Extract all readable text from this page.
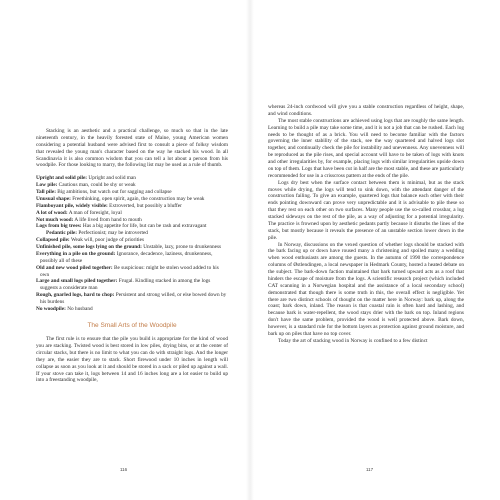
Stacking is an aesthetic and a practical challenge, so much so that in the late nineteenth century, in the heavily forested state of Maine, young American women considering a potential husband were advised first to consult a piece of folksy wisdom that revealed the young man's character based on the way he stacked his wood. In all Scandinavia it is also common wisdom that you can tell a lot about a person from his woodpile. For those looking to marry, the following list may be used as a rule of thumb.

Upright and solid pile: Upright and solid man
Low pile: Cautious man, could be shy or weak
Tall pile: Big ambitions, but watch out for sagging and collapse
Unusual shape: Freethinking, open spirit, again, the construction may be weak
Flamboyant pile, widely visible: Extroverted, but possibly a bluffer
A lot of wood: A man of foresight, loyal
Not much wood: A life lived from hand to mouth
Logs from big trees: Has a big appetite for life, but can be rash and extravagant
Pedantic pile: Perfectionist; may be introverted
Collapsed pile: Weak will, poor judge of priorities
Unfinished pile, some logs lying on the ground: Unstable, lazy, prone to drunkenness
Everything in a pile on the ground: Ignorance, decadence, laziness, drunkenness, possibly all of these
Old and new wood piled together: Be suspicious: might be stolen wood added to his own
Large and small logs piled together: Frugal. Kindling stacked in among the logs suggests a considerate man
Rough, gnarled logs, hard to chop: Persistent and strong willed, or else bowed down by his burdens
No woodpile: No husband
The Small Arts of the Woodpile

The first rule is to ensure that the pile you build is appropriate for the kind of wood you are stacking. Twisted wood is best stored in low piles, drying bins, or at the center of circular stacks, but there is no limit to what you can do with straight logs. And the longer they are, the easier they are to stack. Short firewood under 10 inches in length will collapse as soon as you look at it and should be stored in a sack or piled up against a wall. If your stove can take it, logs between 14 and 16 inches long are a lot easier to build up into a freestanding woodpile,

116

whereas 24-inch cordwood will give you a stable construction regardless of height, shape, and wind conditions.

The most stable constructions are achieved using logs that are roughly the same length. Learning to build a pile may take some time, and it is not a job that can be rushed. Each log needs to be thought of as a brick. You will need to become familiar with the factors governing the inner stability of the stack, see the way quartered and halved logs slot together, and continually check the pile for instability and unevenness. Any unevenness will be reproduced as the pile rises, and special account will have to be taken of logs with knots and other irregularities by, for example, placing logs with similar irregularities upside down on top of them. Logs that have been cut in half are the most stable, and these are particularly recommended for use in a crisscross pattern at the ends of the pile.

Logs dry best when the surface contact between them is minimal, but as the stack moves while drying, the logs will tend to sink down, with the attendant danger of the construction failing. To give an example, quartered logs that balance each other with their ends pointing downward can prove very unpredictable and it is advisable to pile these so that they rest on each other on two surfaces. Many people use the so-called crossbar, a log stacked sideways on the rest of the pile, as a way of adjusting for a potential irregularity. The practice is frowned upon by aesthetic pedants partly because it disturbs the lines of the stack, but mostly because it reveals the presence of an unstable section lower down in the pile.

In Norway, discussions on the vexed question of whether logs should be stacked with the bark facing up or down have roused many a christening and spoiled many a wedding when wood enthusiasts are among the guests. In the autumn of 1990 the correspondence columns of Østlendingen, a local newspaper in Hedmark County, hosted a heated debate on the subject. The bark-down faction maintained that bark turned upward acts as a roof that hinders the escape of moisture from the logs. A scientific research project (which included CAT scanning in a Norwegian hospital and the assistance of a local secondary school) demonstrated that though there is some truth in this, the overall effect is negligible. Yet there are two distinct schools of thought on the matter here in Norway: bark up, along the coast; bark down, inland. The reason is that coastal rain is often hard and lashing, and because bark is water-repellent, the wood stays drier with the bark on top. Inland regions don't have the same problem, provided the wood is well protected above. Bark down, however, is a standard rule for the bottom layers as protection against ground moisture, and bark up on piles that have no top cover.

Today the art of stacking wood in Norway is confined to a few distinct

117
